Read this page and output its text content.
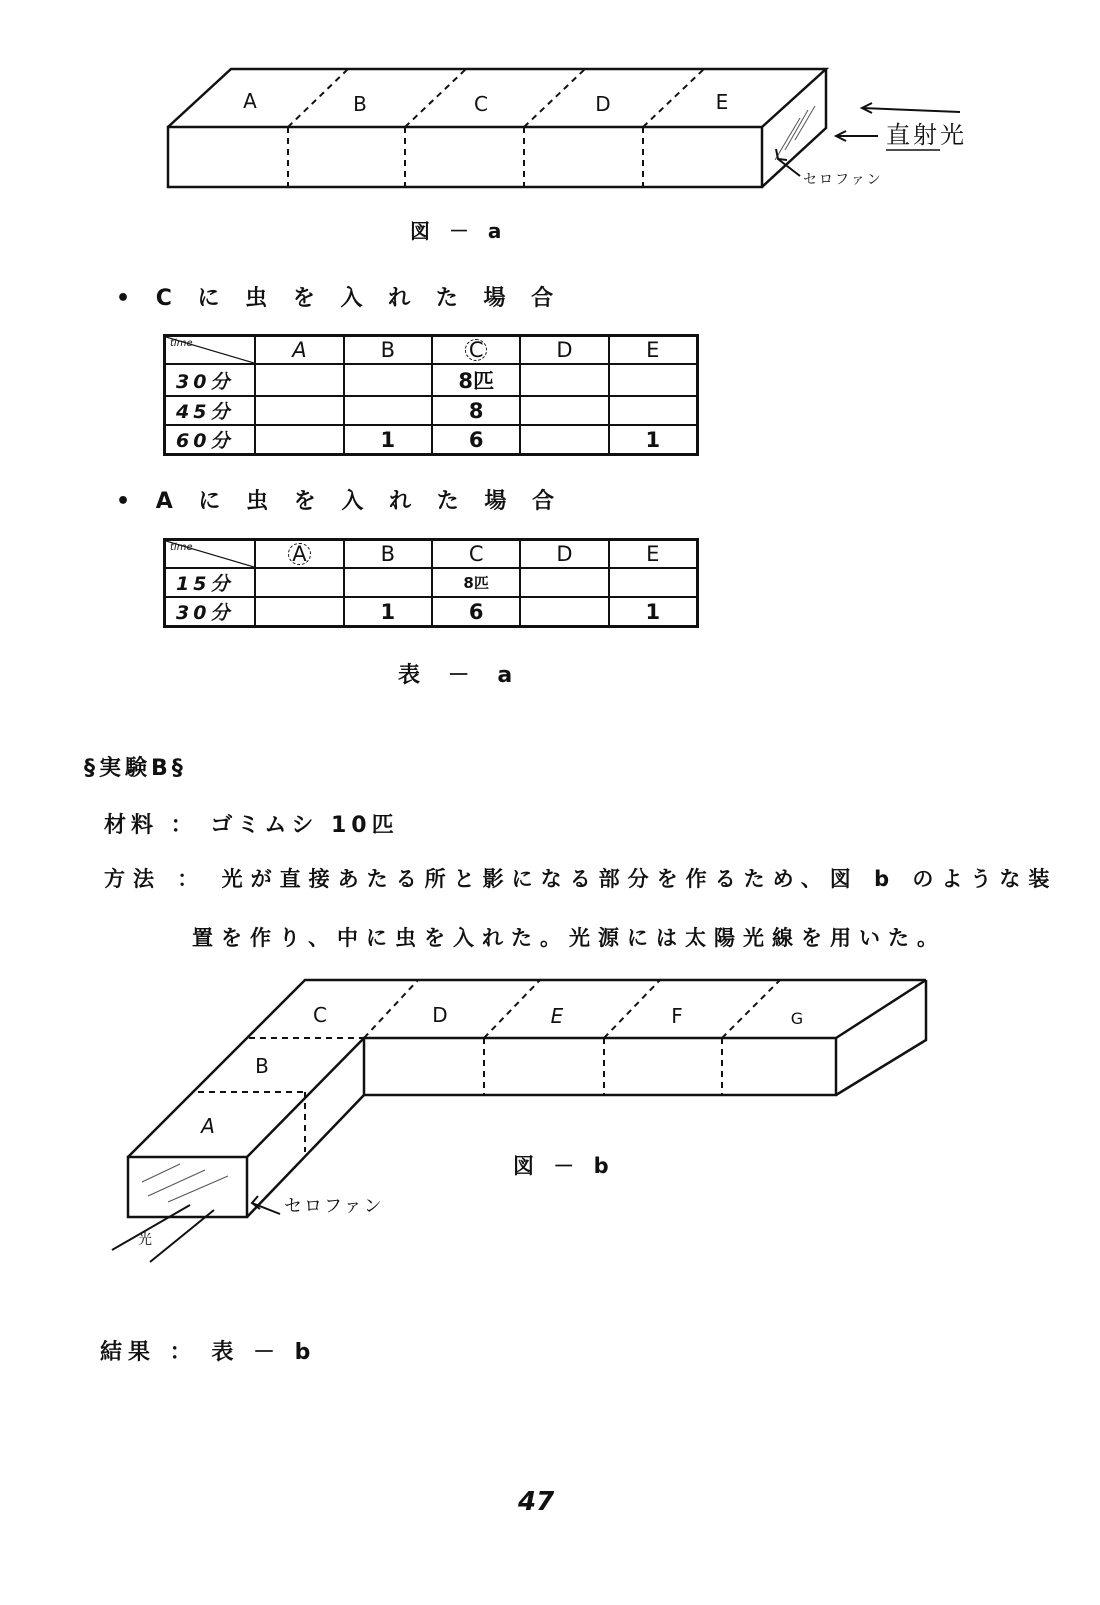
A	B	C	D	E
直射光
セロファン
図 － a
• C に 虫 を 入 れ た 場 合
time	A	B	C	D	E
30分			8匹		
45分			8		
60分		1	6		1
• A に 虫 を 入 れ た 場 合
time	A	B	C	D	E
15分			8匹		
30分		1	6		1
表 － a
§実験B§
材料 ： ゴミムシ 10匹
方法 ： 光が直接あたる所と影になる部分を作るため、図 b のような装
置を作り、中に虫を入れた。光源には太陽光線を用いた。
A
B
C	D	E	F	G
光
セロファン
図 － b
結果 ： 表 － b
47
